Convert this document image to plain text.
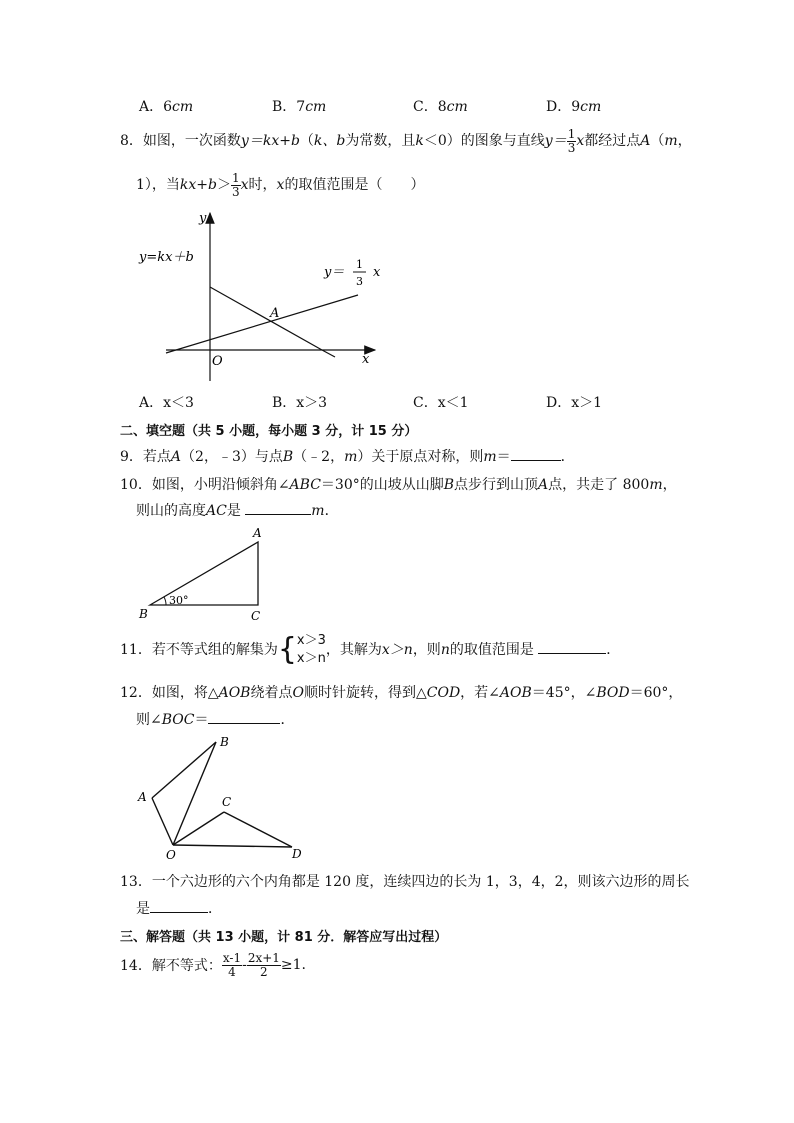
A．6cm	B．7cm	C．8cm	D．9cm
8．如图，一次函数y＝kx+b（k、b为常数，且k＜0）的图象与直线$y= \frac{1}{3}$ x都经过点A（m，
1），当$kx+b> \frac{1}{3}$ x时，x的取值范围是（　　）
y
x
O
A
y=kx＋b
y＝
1
3
x
A．x＜3	B．x＞3	C．x＜1	D．x＞1
二、填空题（共 5 小题，每小题 3 分，计 15 分）
9．若点A（2，﹣3）与点B（﹣2，m）关于原点对称，则m＝	．
10．如图，小明沿倾斜角∠ABC＝30°的山坡从山脚B点步行到山顶A点，共走了 800m，
则山的高度AC是	m．
A
B	C
30°
11．若不等式组的解集为{ x＞3
x＞n
，其解为x＞n，则n的取值范围是	．
12．如图，将△AOB绕着点O顺时针旋转，得到△COD，若∠AOB＝45°，∠BOD＝60°，
则∠BOC＝	．
A
B
C
D
O
13．一个六边形的六个内角都是 120 度，连续四边的长为 1，3，4，2，则该六边形的周长
是	．
三、解答题（共 13 小题，计 81 分．解答应写出过程）
14．解不等式： $\frac{x-1}{4} - \frac{2x+1}{2} \ge 1$.
